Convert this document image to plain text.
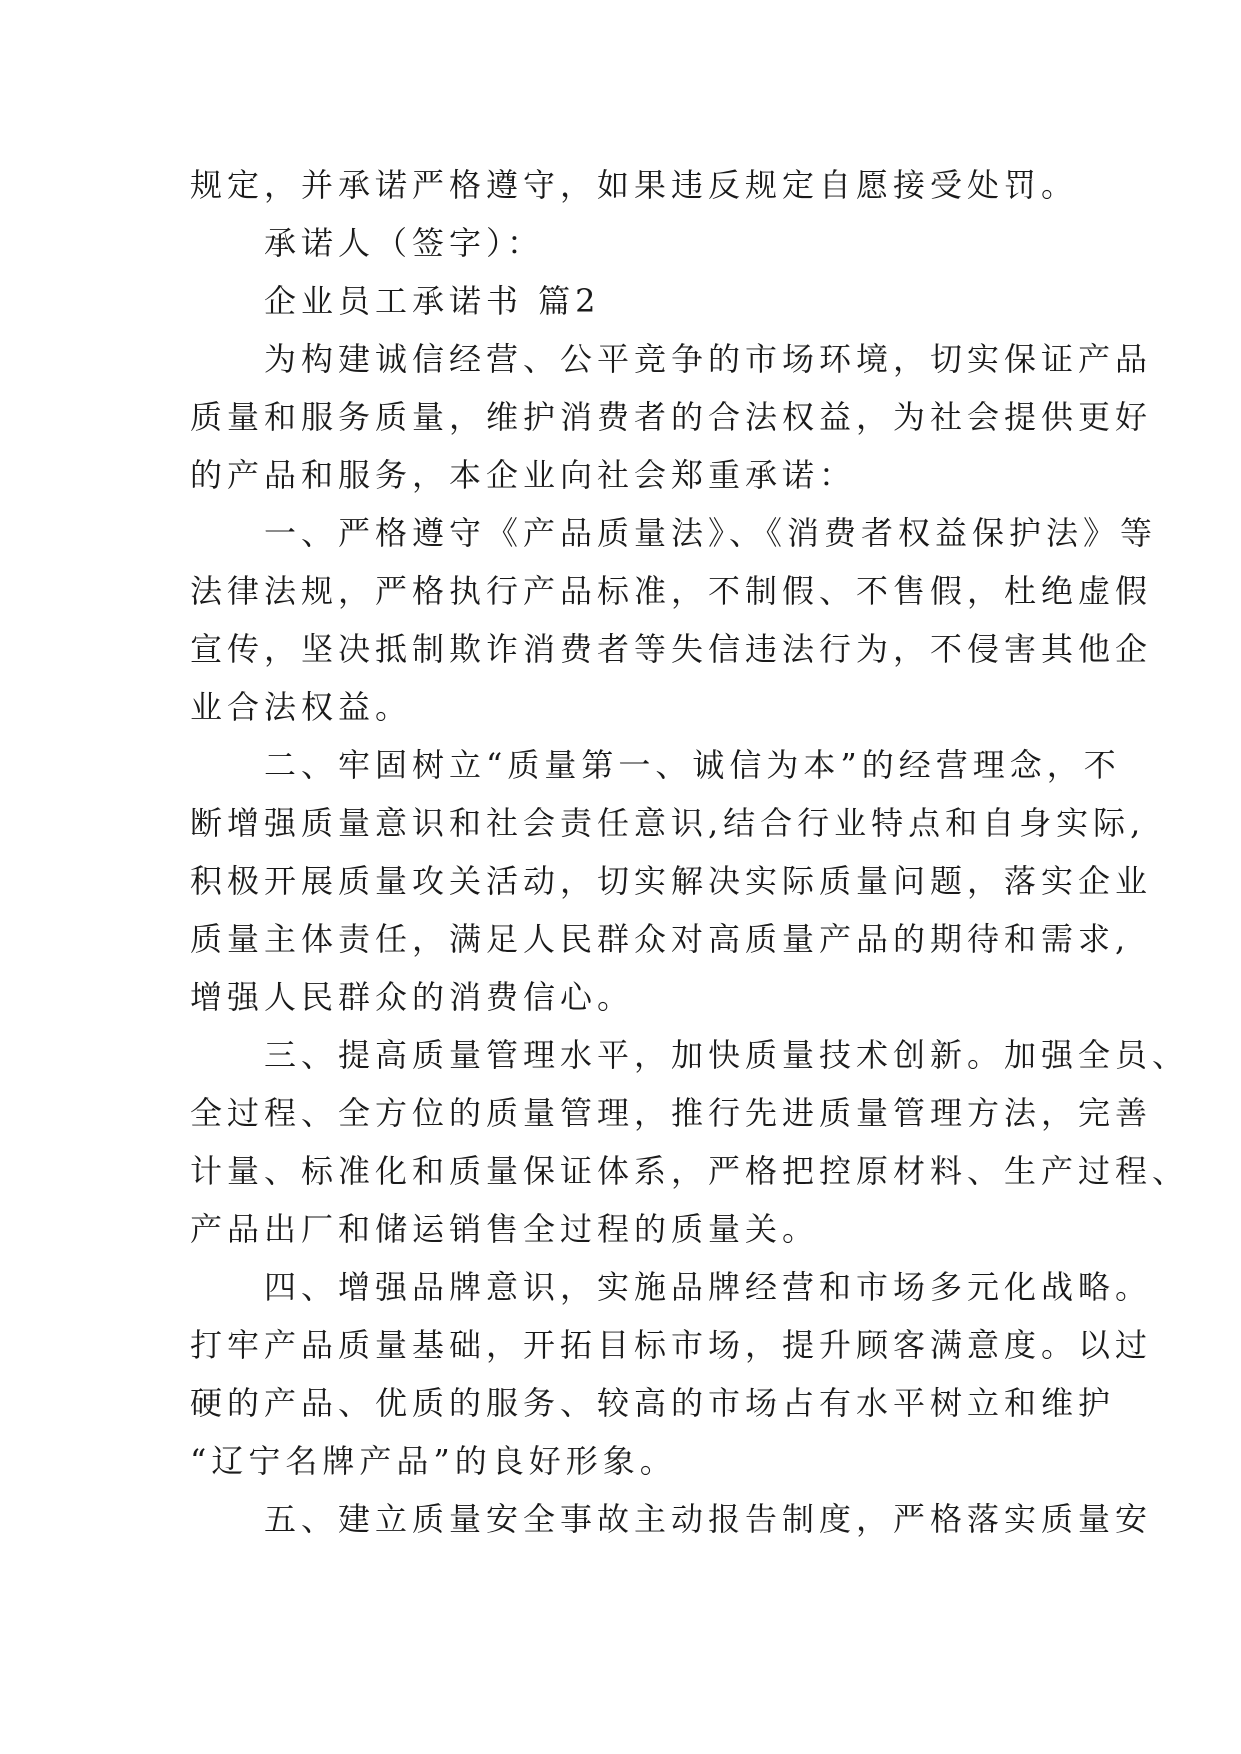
规定，并承诺严格遵守，如果违反规定自愿接受处罚。
　　承诺人（签字）：
　　企业员工承诺书 篇2
　　为构建诚信经营、公平竞争的市场环境，切实保证产品
质量和服务质量，维护消费者的合法权益，为社会提供更好
的产品和服务，本企业向社会郑重承诺：
　　一、严格遵守《产品质量法》、《消费者权益保护法》等
法律法规，严格执行产品标准，不制假、不售假，杜绝虚假
宣传，坚决抵制欺诈消费者等失信违法行为，不侵害其他企
业合法权益。
　　二、牢固树立“质量第一、诚信为本”的经营理念，不
断增强质量意识和社会责任意识,结合行业特点和自身实际,
积极开展质量攻关活动，切实解决实际质量问题，落实企业
质量主体责任，满足人民群众对高质量产品的期待和需求,
增强人民群众的消费信心。
　　三、提高质量管理水平，加快质量技术创新。加强全员、
全过程、全方位的质量管理，推行先进质量管理方法，完善
计量、标准化和质量保证体系，严格把控原材料、生产过程、
产品出厂和储运销售全过程的质量关。
　　四、增强品牌意识，实施品牌经营和市场多元化战略。
打牢产品质量基础，开拓目标市场，提升顾客满意度。以过
硬的产品、优质的服务、较高的市场占有水平树立和维护
“辽宁名牌产品”的良好形象。
　　五、建立质量安全事故主动报告制度，严格落实质量安
